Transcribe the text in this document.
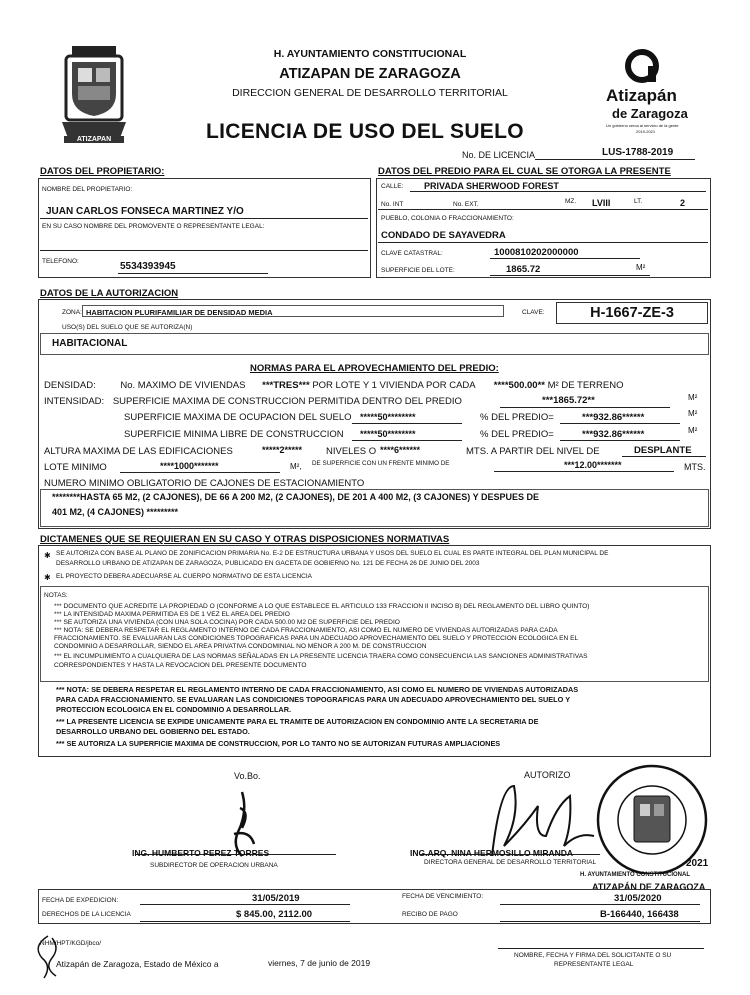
ATIZAPAN
H. AYUNTAMIENTO CONSTITUCIONAL
ATIZAPAN DE ZARAGOZA
DIRECCION GENERAL DE DESARROLLO TERRITORIAL	Atizapán
de Zaragoza
Un gobierno cerca al servicio de la gente
2019-2021
LICENCIA DE USO DEL SUELO
No. DE LICENCIA	LUS-1788-2019
DATOS DEL PROPIETARIO:	DATOS DEL PREDIO PARA EL CUAL SE OTORGA LA PRESENTE
NOMBRE DEL PROPIETARIO:
JUAN CARLOS FONSECA MARTINEZ Y/O
EN SU CASO NOMBRE DEL PROMOVENTE O REPRESENTANTE LEGAL:
TELEFONO:	5534393945
CALLE: PRIVADA SHERWOOD FOREST
No. INT	No. EXT.	MZ. LVIII	LT.	2
PUEBLO, COLONIA O FRACCIONAMIENTO:
CONDADO DE SAYAVEDRA
CLAVE CATASTRAL:	1000810202000000
SUPERFICIE DEL LOTE:	1865.72	M²
DATOS DE LA AUTORIZACION
ZONA: HABITACION PLURIFAMILIAR DE DENSIDAD MEDIA	CLAVE:	H-1667-ZE-3
USO(S) DEL SUELO QUE SE AUTORIZA(N)
HABITACIONAL
NORMAS PARA EL APROVECHAMIENTO DEL PREDIO:
DENSIDAD:	No. MAXIMO DE VIVIENDAS ***TRES*** POR LOTE Y 1 VIVIENDA POR CADA ****500.00** M² DE TERRENO
INTENSIDAD: SUPERFICIE MAXIMA DE CONSTRUCCION PERMITIDA DENTRO DEL PREDIO	***1865.72**	M²
SUPERFICIE MAXIMA DE OCUPACION DEL SUELO *****50********	% DEL PREDIO=	***932.86******	M²
SUPERFICIE MINIMA LIBRE DE CONSTRUCCION *****50********	% DEL PREDIO=	***932.86******	M²
ALTURA MAXIMA DE LAS EDIFICACIONES	*****2*****	NIVELES O ****6******	MTS. A PARTIR DEL NIVEL DE	DESPLANTE
LOTE MINIMO	****1000*******	M², DE SUPERFICIE CON UN FRENTE MINIMO DE	***12.00*******	MTS.
NUMERO MINIMO OBLIGATORIO DE CAJONES DE ESTACIONAMIENTO
********HASTA 65 M2, (2 CAJONES), DE 66 A 200 M2, (2 CAJONES), DE 201 A 400 M2, (3 CAJONES) Y DESPUES DE
401 M2, (4 CAJONES) *********
DICTAMENES QUE SE REQUIERAN EN SU CASO Y OTRAS DISPOSICIONES NORMATIVAS
✱ SE AUTORIZA CON BASE AL PLANO DE ZONIFICACION PRIMARIA No. E-2 DE ESTRUCTURA URBANA Y USOS DEL SUELO EL CUAL ES PARTE INTEGRAL DEL PLAN MUNICIPAL DE
DESARROLLO URBANO DE ATIZAPAN DE ZARAGOZA, PUBLICADO EN GACETA DE GOBIERNO No. 121 DE FECHA 26 DE JUNIO DEL 2003
✱ EL PROYECTO DEBERA ADECUARSE AL CUERPO NORMATIVO DE ESTA LICENCIA
NOTAS:
*** DOCUMENTO QUE ACREDITE LA PROPIEDAD O (CONFORME A LO QUE ESTABLECE EL ARTICULO 133 FRACCION II INCISO B) DEL REGLAMENTO DEL LIBRO QUINTO)
*** LA INTENSIDAD MAXIMA PERMITIDA ES DE 1 VEZ EL AREA DEL PREDIO
*** SE AUTORIZA UNA VIVIENDA (CON UNA SOLA COCINA) POR CADA 500.00 M2 DE SUPERFICIE DEL PREDIO
*** NOTA: SE DEBERA RESPETAR EL REGLAMENTO INTERNO DE CADA FRACCIONAMIENTO, ASI COMO EL NUMERO DE VIVIENDAS AUTORIZADAS PARA CADA
FRACCIONAMIENTO. SE EVALUARAN LAS CONDICIONES TOPOGRAFICAS PARA UN ADECUADO APROVECHAMIENTO DEL SUELO Y PROTECCION ECOLOGICA EN EL
CONDOMINIO A DESARROLLAR, SIENDO EL AREA PRIVATIVA CONDOMINIAL NO MENOR A 200 M. DE CONSTRUCCION
*** EL INCUMPLIMIENTO A CUALQUIERA DE LAS NORMAS SEÑALADAS EN LA PRESENTE LICENCIA TRAERA COMO CONSECUENCIA LAS SANCIONES ADMINISTRATIVAS
CORRESPONDIENTES Y HASTA LA REVOCACION DEL PRESENTE DOCUMENTO
*** NOTA: SE DEBERA RESPETAR EL REGLAMENTO INTERNO DE CADA FRACCIONAMIENTO, ASI COMO EL NUMERO DE VIVIENDAS AUTORIZADAS
PARA CADA FRACCIONAMIENTO. SE EVALUARAN LAS CONDICIONES TOPOGRAFICAS PARA UN ADECUADO APROVECHAMIENTO DEL SUELO Y
PROTECCION ECOLOGICA EN EL CONDOMINIO A DESARROLLAR.
*** LA PRESENTE LICENCIA SE EXPIDE UNICAMENTE PARA EL TRAMITE DE AUTORIZACION EN CONDOMINIO ANTE LA SECRETARIA DE
DESARROLLO URBANO DEL GOBIERNO DEL ESTADO.
*** SE AUTORIZA LA SUPERFICIE MAXIMA DE CONSTRUCCION, POR LO TANTO NO SE AUTORIZAN FUTURAS AMPLIACIONES
Vo.Bo.	AUTORIZO
2021
H. AYUNTAMIENTO CONSTITUCIONAL
ATIZAPÁN DE ZARAGOZA
ING. HUMBERTO PEREZ TORRES
SUBDIRECTOR DE OPERACION URBANA
ING.ARQ. NINA HERMOSILLO MIRANDA
DIRECTORA GENERAL DE DESARROLLO TERRITORIAL
FECHA DE EXPEDICION:	31/05/2019	FECHA DE VENCIMIENTO:	31/05/2020
DERECHOS DE LA LICENCIA	$ 845.00, 2112.00	RECIBO DE PAGO	B-166440, 166438
NHM/HPT/KGD/jbco/
Atizapán de Zaragoza, Estado de México a	viernes, 7 de junio de 2019
NOMBRE, FECHA Y FIRMA DEL SOLICITANTE O SU
REPRESENTANTE LEGAL
